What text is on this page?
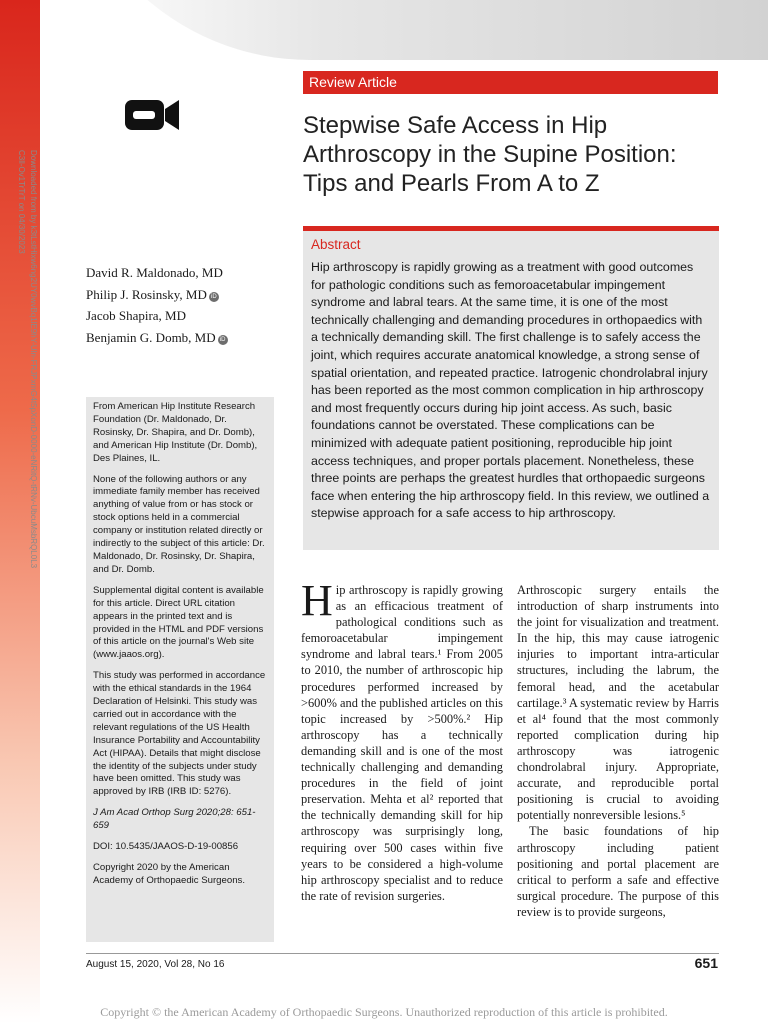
Downloaded from by k3tLstHixw6ng2UY0wvBq1lE9hY-Uln-FRJPxmG4t5pXonD-0000-eNRitQ-tRNv-UbcuMsbRQL0L3
C3ll-Ov1TrTrT on 04/30/2023
Review Article
Stepwise Safe Access in Hip Arthroscopy in the Supine Position: Tips and Pearls From A to Z
David R. Maldonado, MD
Philip J. Rosinsky, MD iD
Jacob Shapira, MD
Benjamin G. Domb, MD iD
Abstract

Hip arthroscopy is rapidly growing as a treatment with good outcomes for pathologic conditions such as femoroacetabular impingement syndrome and labral tears. At the same time, it is one of the most technically challenging and demanding procedures in orthopaedics with a technically demanding skill. The first challenge is to safely access the joint, which requires accurate anatomical knowledge, a strong sense of spatial orientation, and repeated practice. Iatrogenic chondrolabral injury has been reported as the most common complication in hip arthroscopy and most frequently occurs during hip joint access. As such, basic foundations cannot be overstated. These complications can be minimized with adequate patient positioning, reproducible hip joint access techniques, and proper portals placement. Nonetheless, these three points are perhaps the greatest hurdles that orthopaedic surgeons face when entering the hip arthroscopy field. In this review, we outlined a stepwise approach for a safe access to hip arthroscopy.

From American Hip Institute Research Foundation (Dr. Maldonado, Dr. Rosinsky, Dr. Shapira, and Dr. Domb), and American Hip Institute (Dr. Domb), Des Plaines, IL.

None of the following authors or any immediate family member has received anything of value from or has stock or stock options held in a commercial company or institution related directly or indirectly to the subject of this article: Dr. Maldonado, Dr. Rosinsky, Dr. Shapira, and Dr. Domb.

Supplemental digital content is available for this article. Direct URL citation appears in the printed text and is provided in the HTML and PDF versions of this article on the journal's Web site (www.jaaos.org).

This study was performed in accordance with the ethical standards in the 1964 Declaration of Helsinki. This study was carried out in accordance with the relevant regulations of the US Health Insurance Portability and Accountability Act (HIPAA). Details that might disclose the identity of the subjects under study have been omitted. This study was approved by IRB (IRB ID: 5276).

J Am Acad Orthop Surg 2020;28: 651-659

DOI: 10.5435/JAAOS-D-19-00856

Copyright 2020 by the American Academy of Orthopaedic Surgeons.

Hip arthroscopy is rapidly growing as an efficacious treatment of pathological conditions such as femoroacetabular impingement syndrome and labral tears.¹ From 2005 to 2010, the number of arthroscopic hip procedures performed increased by >600% and the published articles on this topic increased by >500%.² Hip arthroscopy has a technically demanding skill and is one of the most technically challenging and demanding procedures in the field of joint preservation. Mehta et al² reported that the technically demanding skill for hip arthroscopy was surprisingly long, requiring over 500 cases within five years to be considered a high-volume hip arthroscopy specialist and to reduce the rate of revision surgeries.

Arthroscopic surgery entails the introduction of sharp instruments into the joint for visualization and treatment. In the hip, this may cause iatrogenic injuries to important intra-articular structures, including the labrum, the femoral head, and the acetabular cartilage.³ A systematic review by Harris et al⁴ found that the most commonly reported complication during hip arthroscopy was iatrogenic chondrolabral injury. Appropriate, accurate, and reproducible portal positioning is crucial to avoiding potentially nonreversible lesions.⁵

The basic foundations of hip arthroscopy including patient positioning and portal placement are critical to perform a safe and effective surgical procedure. The purpose of this review is to provide surgeons,

August 15, 2020, Vol 28, No 16	651
Copyright © the American Academy of Orthopaedic Surgeons. Unauthorized reproduction of this article is prohibited.
